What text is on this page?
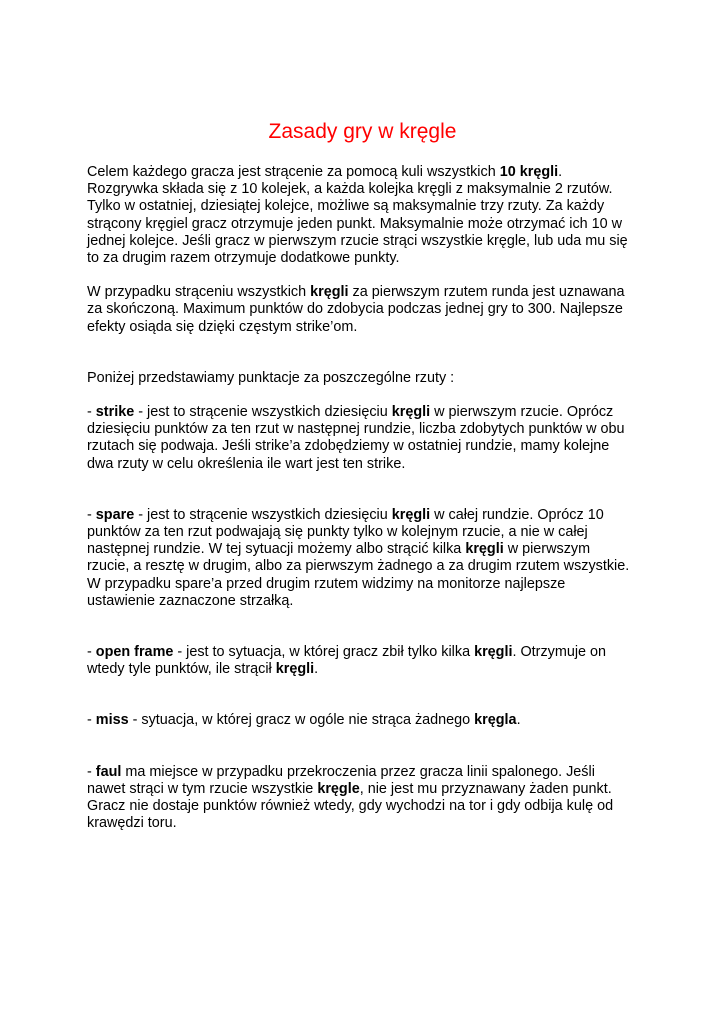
Zasady gry w kręgle

Celem każdego gracza jest strącenie za pomocą kuli wszystkich 10 kręgli.
Rozgrywka składa się z 10 kolejek, a każda kolejka kręgli z maksymalnie 2 rzutów.
Tylko w ostatniej, dziesiątej kolejce, możliwe są maksymalnie trzy rzuty. Za każdy
strącony kręgiel gracz otrzymuje jeden punkt. Maksymalnie może otrzymać ich 10 w
jednej kolejce. Jeśli gracz w pierwszym rzucie strąci wszystkie kręgle, lub uda mu się
to za drugim razem otrzymuje dodatkowe punkty.

W przypadku strąceniu wszystkich kręgli za pierwszym rzutem runda jest uznawana
za skończoną. Maximum punktów do zdobycia podczas jednej gry to 300. Najlepsze
efekty osiąda się dzięki częstym strike’om.

Poniżej przedstawiamy punktacje za poszczególne rzuty :

- strike - jest to strącenie wszystkich dziesięciu kręgli w pierwszym rzucie. Oprócz
dziesięciu punktów za ten rzut w następnej rundzie, liczba zdobytych punktów w obu
rzutach się podwaja. Jeśli strike’a zdobędziemy w ostatniej rundzie, mamy kolejne
dwa rzuty w celu określenia ile wart jest ten strike.

- spare - jest to strącenie wszystkich dziesięciu kręgli w całej rundzie. Oprócz 10
punktów za ten rzut podwajają się punkty tylko w kolejnym rzucie, a nie w całej
następnej rundzie. W tej sytuacji możemy albo strącić kilka kręgli w pierwszym
rzucie, a resztę w drugim, albo za pierwszym żadnego a za drugim rzutem wszystkie.
W przypadku spare’a przed drugim rzutem widzimy na monitorze najlepsze
ustawienie zaznaczone strzałką.

- open frame - jest to sytuacja, w której gracz zbił tylko kilka kręgli. Otrzymuje on
wtedy tyle punktów, ile strącił kręgli.

- miss - sytuacja, w której gracz w ogóle nie strąca żadnego kręgla.

- faul ma miejsce w przypadku przekroczenia przez gracza linii spalonego. Jeśli
nawet strąci w tym rzucie wszystkie kręgle, nie jest mu przyznawany żaden punkt.
Gracz nie dostaje punktów również wtedy, gdy wychodzi na tor i gdy odbija kulę od
krawędzi toru.
